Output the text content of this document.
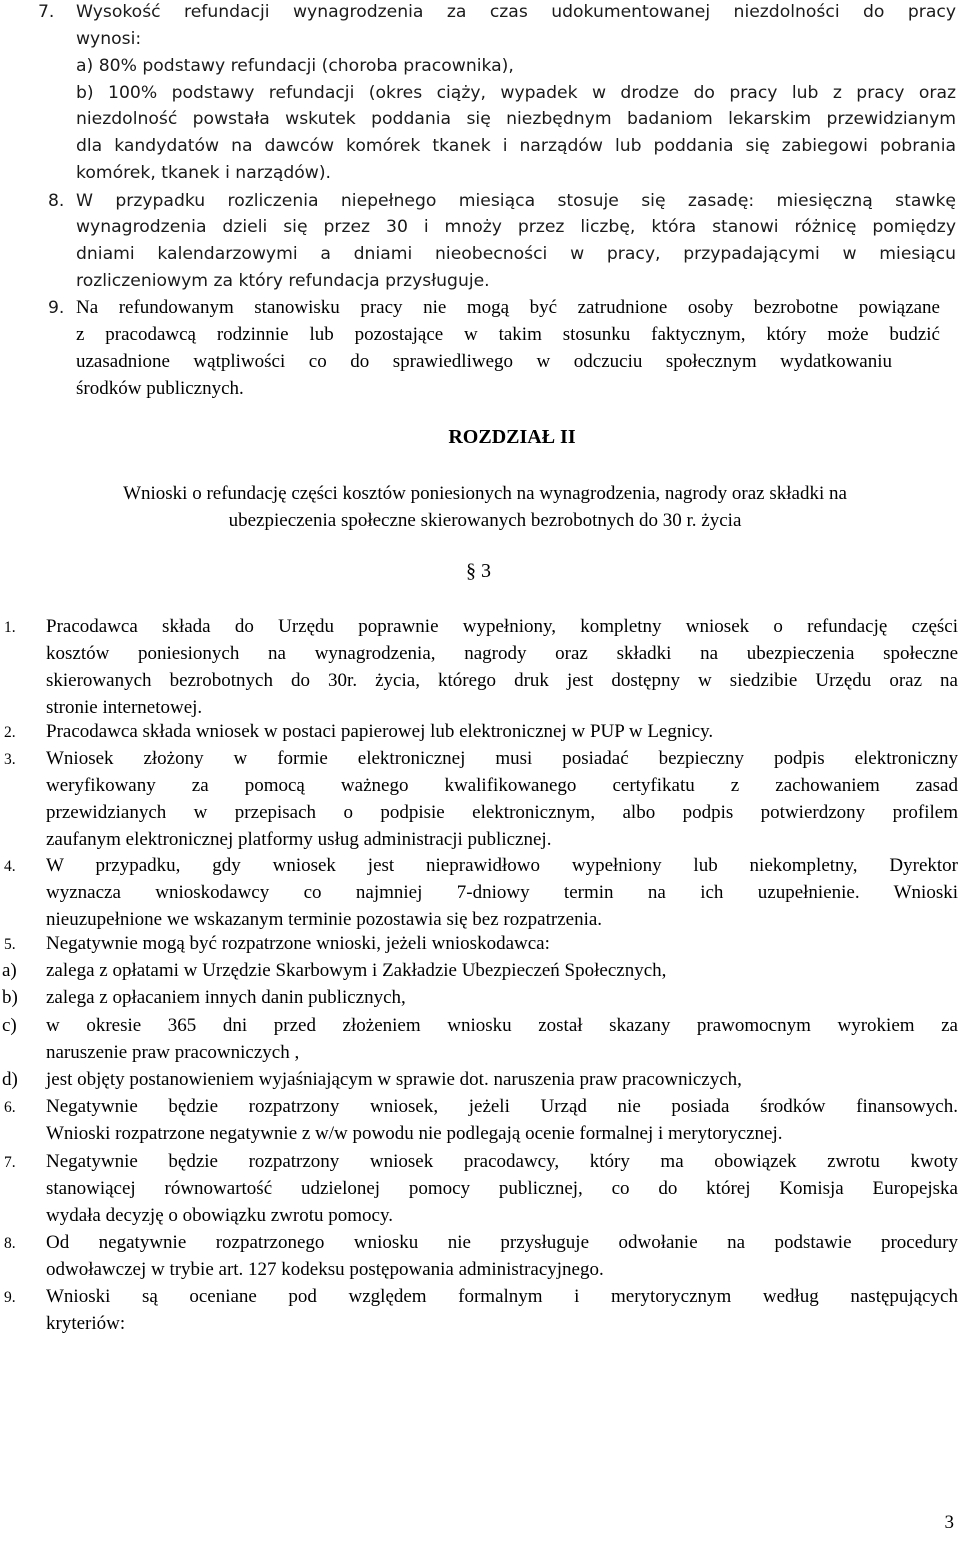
7. Wysokość refundacji wynagrodzenia za czas udokumentowanej niezdolności do pracy
wynosi:
a) 80% podstawy refundacji (choroba pracownika),
b) 100% podstawy refundacji (okres ciąży, wypadek w drodze do pracy lub z pracy oraz
niezdolność powstała wskutek poddania się niezbędnym badaniom lekarskim przewidzianym
dla kandydatów na dawców komórek tkanek i narządów lub poddania się zabiegowi pobrania
komórek, tkanek i narządów).
8. W przypadku rozliczenia niepełnego miesiąca stosuje się zasadę: miesięczną stawkę
wynagrodzenia dzieli się przez 30 i mnoży przez liczbę, która stanowi różnicę pomiędzy
dniami kalendarzowymi a dniami nieobecności w pracy, przypadającymi w miesiącu
rozliczeniowym za który refundacja przysługuje.
9. Na refundowanym stanowisku pracy nie mogą być zatrudnione osoby bezrobotne powiązane
z pracodawcą rodzinnie lub pozostające w takim stosunku faktycznym, który może budzić
uzasadnione wątpliwości co do sprawiedliwego w odczuciu społecznym wydatkowaniu
środków publicznych.
ROZDZIAŁ II
Wnioski o refundację części kosztów poniesionych na wynagrodzenia, nagrody oraz składki na
ubezpieczenia społeczne skierowanych bezrobotnych do 30 r. życia
§ 3
1. Pracodawca składa do Urzędu poprawnie wypełniony, kompletny wniosek o refundację części
kosztów poniesionych na wynagrodzenia, nagrody oraz składki na ubezpieczenia społeczne
skierowanych bezrobotnych do 30r. życia, którego druk jest dostępny w siedzibie Urzędu oraz na
stronie internetowej.
2. Pracodawca składa wniosek w postaci papierowej lub elektronicznej w PUP w Legnicy.
3. Wniosek złożony w formie elektronicznej musi posiadać bezpieczny podpis elektroniczny
weryfikowany za pomocą ważnego kwalifikowanego certyfikatu z zachowaniem zasad
przewidzianych w przepisach o podpisie elektronicznym, albo podpis potwierdzony profilem
zaufanym elektronicznej platformy usług administracji publicznej.
4. W przypadku, gdy wniosek jest nieprawidłowo wypełniony lub niekompletny, Dyrektor
wyznacza wnioskodawcy co najmniej 7-dniowy termin na ich uzupełnienie. Wnioski
nieuzupełnione we wskazanym terminie pozostawia się bez rozpatrzenia.
5. Negatywnie mogą być rozpatrzone wnioski, jeżeli wnioskodawca:
a) zalega z opłatami w Urzędzie Skarbowym i Zakładzie Ubezpieczeń Społecznych,
b) zalega z opłacaniem innych danin publicznych,
c) w okresie 365 dni przed złożeniem wniosku został skazany prawomocnym wyrokiem za
naruszenie praw pracowniczych ,
d) jest objęty postanowieniem wyjaśniającym w sprawie dot. naruszenia praw pracowniczych,
6. Negatywnie będzie rozpatrzony wniosek, jeżeli Urząd nie posiada środków finansowych.
Wnioski rozpatrzone negatywnie z w/w powodu nie podlegają ocenie formalnej i merytorycznej.
7. Negatywnie będzie rozpatrzony wniosek pracodawcy, który ma obowiązek zwrotu kwoty
stanowiącej równowartość udzielonej pomocy publicznej, co do której Komisja Europejska
wydała decyzję o obowiązku zwrotu pomocy.
8. Od negatywnie rozpatrzonego wniosku nie przysługuje odwołanie na podstawie procedury
odwoławczej w trybie art. 127 kodeksu postępowania administracyjnego.
9. Wnioski są oceniane pod względem formalnym i merytorycznym według następujących
kryteriów:
3
